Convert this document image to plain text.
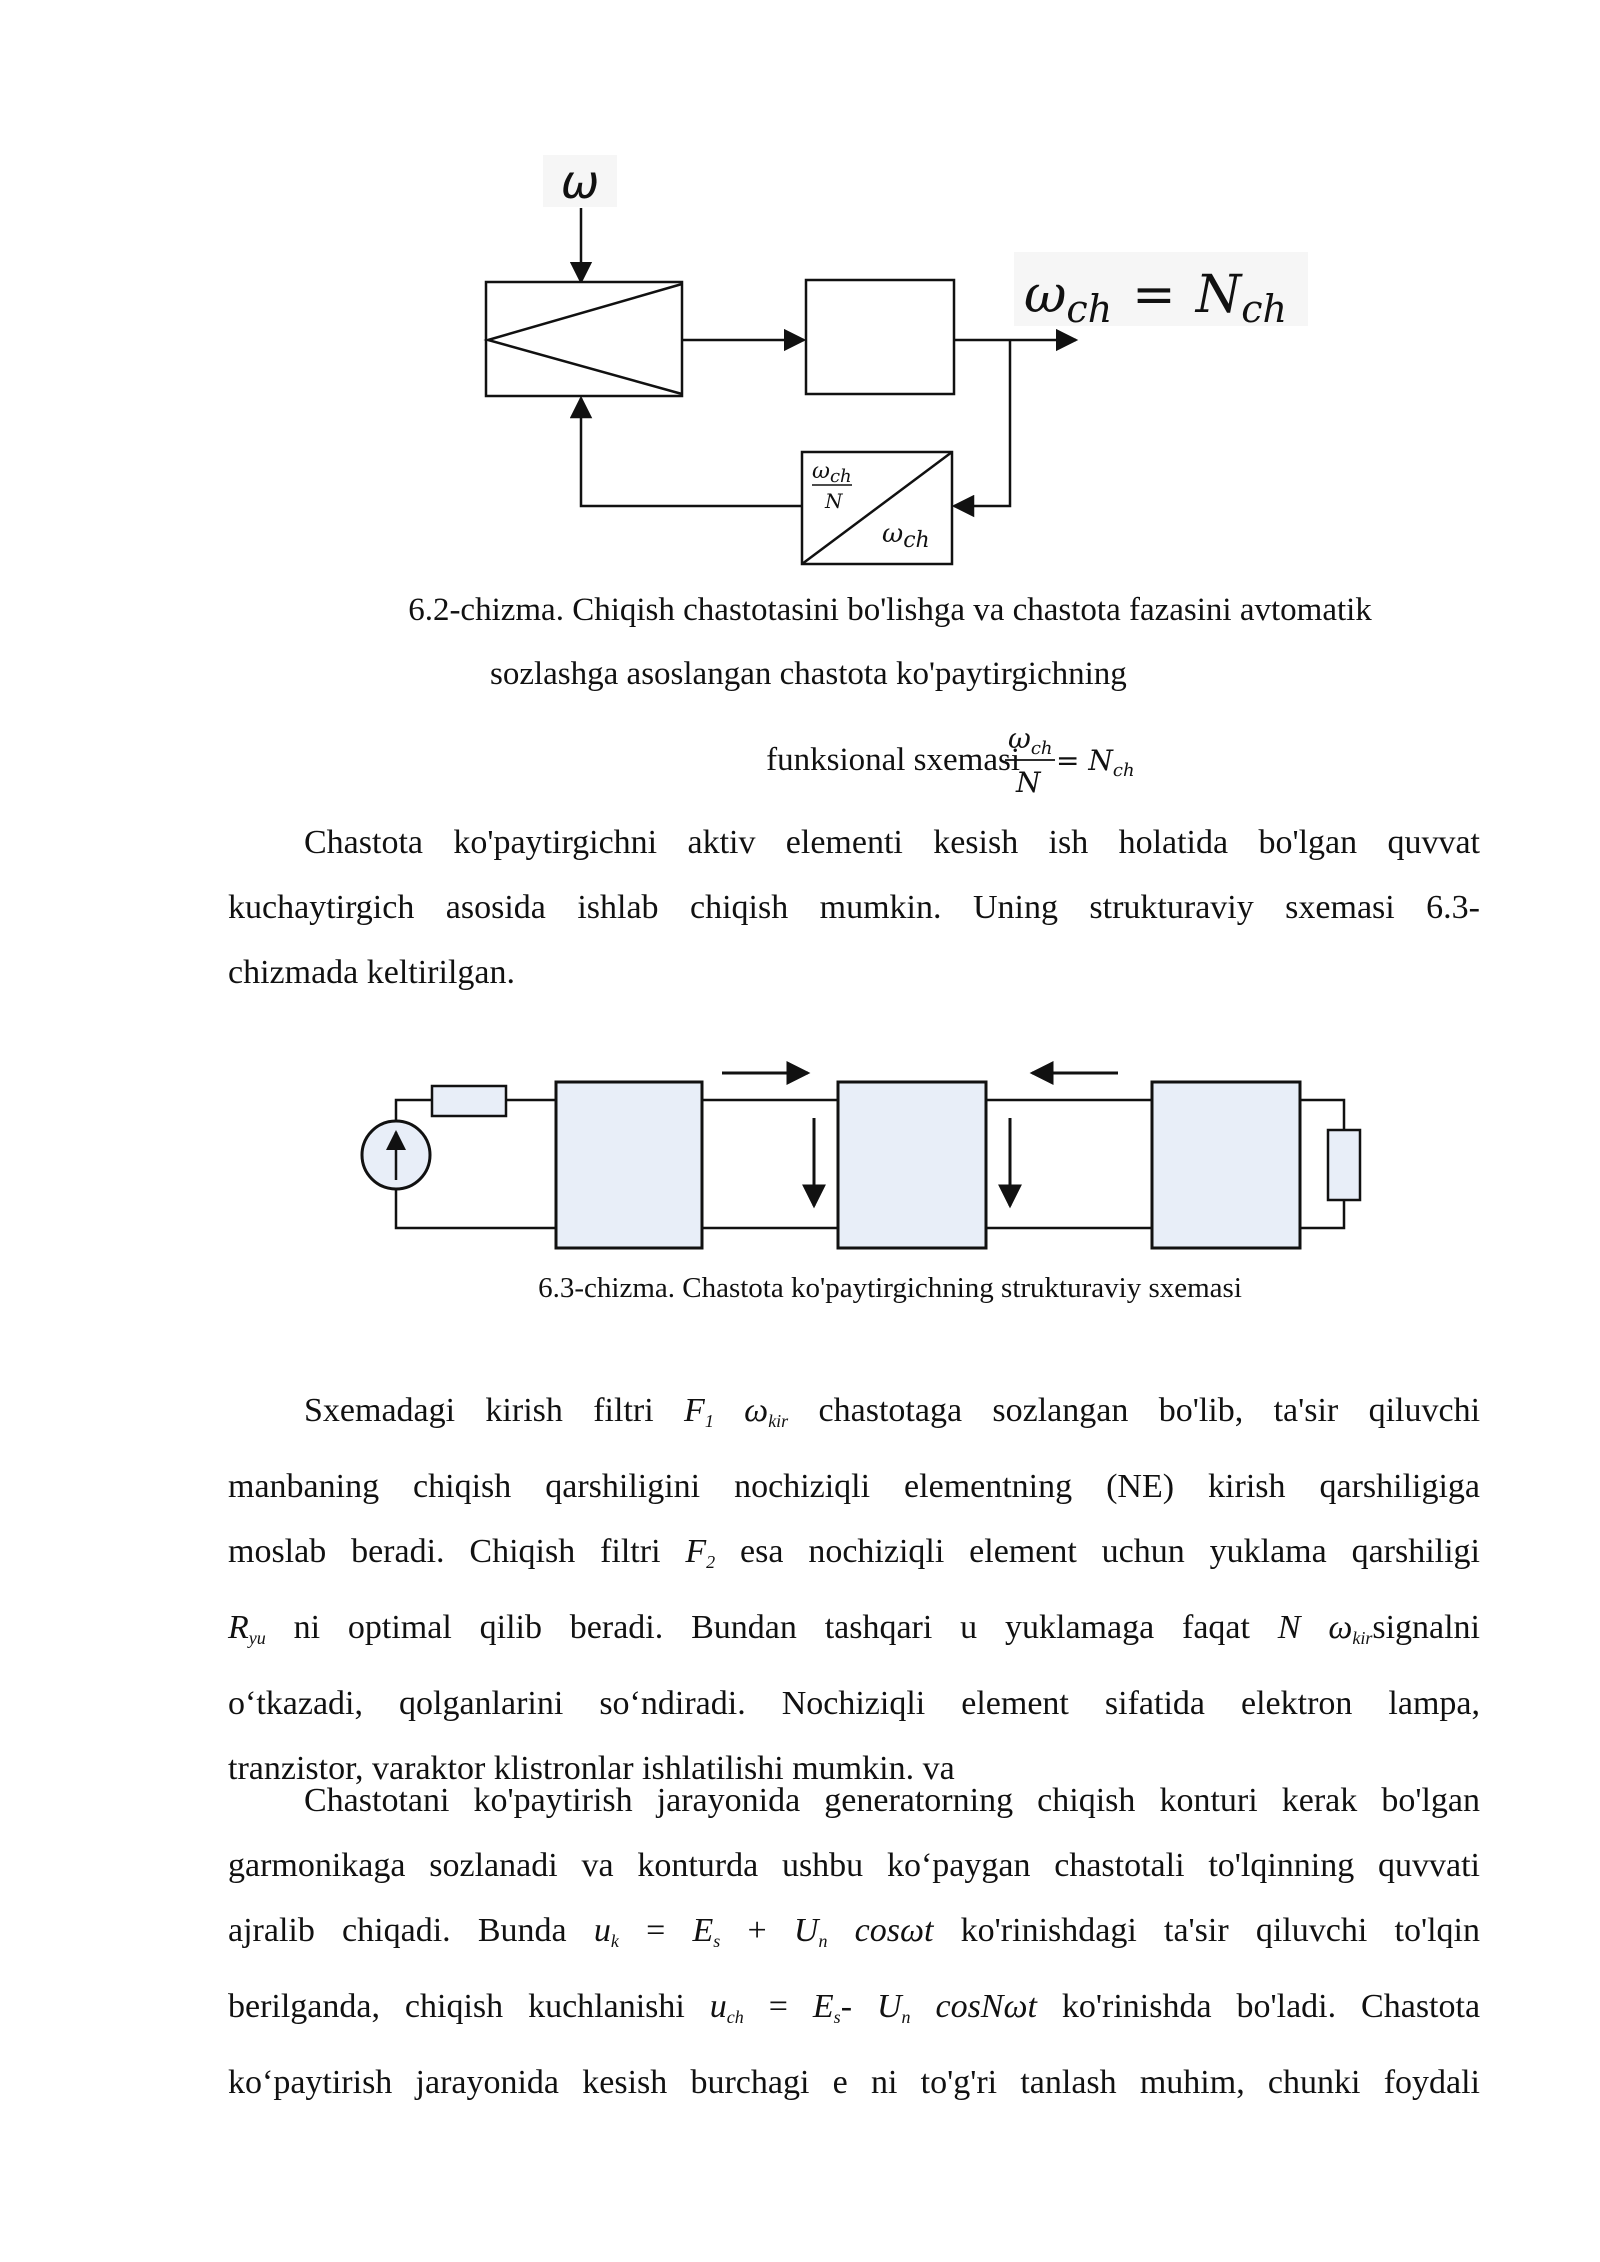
ω
ωch = Nch
ωch
N
ωch
6.2-chizma. Chiqish chastotasini bo'lishga va chastota fazasini avtomatik
sozlashga asoslangan chastota ko'paytirgichning
funksional sxemasi
$\omega_{ch}$
N
= $N_{ch}$
Chastota ko'paytirgichni aktiv elementi kesish ish holatida bo'lgan quvvat
kuchaytirgich asosida ishlab chiqish mumkin. Uning strukturaviy sxemasi 6.3-
chizmada keltirilgan.
6.3-chizma. Chastota ko'paytirgichning strukturaviy sxemasi
Sxemadagi kirish filtri $F_1$ $\omega_{kir}$ chastotaga sozlangan bo'lib, ta'sir qiluvchi
manbaning chiqish qarshiligini nochiziqli elementning (NE) kirish qarshiligiga
moslab beradi. Chiqish filtri $F_2$ esa nochiziqli element uchun yuklama qarshiligi
$R_{yu}$ ni optimal qilib beradi. Bundan tashqari u yuklamaga faqat N $\omega_{kir}signalni$
o‘tkazadi, qolganlarini so‘ndiradi. Nochiziqli element sifatida elektron lampa,
tranzistor, varaktor klistronlar ishlatilishi mumkin. va
Chastotani ko'paytirish jarayonida generatorning chiqish konturi kerak bo'lgan
garmonikaga sozlanadi va konturda ushbu ko‘paygan chastotali to'lqinning quvvati
ajralib chiqadi. Bunda $u_k = E_s + U_n$ cosωt ko'rinishdagi ta'sir qiluvchi to'lqin
berilganda, chiqish kuchlanishi $u_{ch} = E_s-$ $U_n$ cosNωt ko'rinishda bo'ladi. Chastota
ko‘paytirish jarayonida kesish burchagi e ni to'g'ri tanlash muhim, chunki foydali
